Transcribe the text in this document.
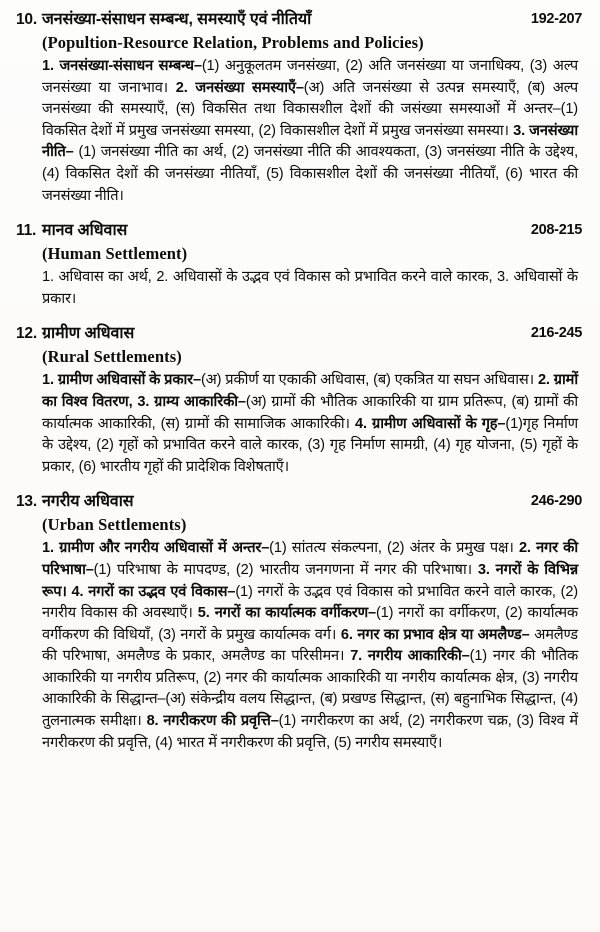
10. जनसंख्या-संसाधन सम्बन्ध, समस्याएँ एवं नीतियाँ	192-207
(Popultion-Resource Relation, Problems and Policies)
1. जनसंख्या-संसाधन सम्बन्ध–(1) अनुकूलतम जनसंख्या, (2) अति जनसंख्या या जनाधिक्य, (3) अल्प जनसंख्या या जनाभाव। 2. जनसंख्या समस्याएँ–(अ) अति जनसंख्या से उत्पन्न समस्याएँ, (ब) अल्प जनसंख्या की समस्याएँ, (स) विकसित तथा विकासशील देशों की जसंख्या समस्याओं में अन्तर–(1) विकसित देशों में प्रमुख जनसंख्या समस्या, (2) विकासशील देशों में प्रमुख जनसंख्या समस्या। 3. जनसंख्या नीति– (1) जनसंख्या नीति का अर्थ, (2) जनसंख्या नीति की आवश्यकता, (3) जनसंख्या नीति के उद्देश्य, (4) विकसित देशों की जनसंख्या नीतियाँ, (5) विकासशील देशों की जनसंख्या नीतियाँ, (6) भारत की जनसंख्या नीति।
11. मानव अधिवास	208-215
(Human Settlement)
1. अधिवास का अर्थ, 2. अधिवासों के उद्भव एवं विकास को प्रभावित करने वाले कारक, 3. अधिवासों के प्रकार।
12. ग्रामीण अधिवास	216-245
(Rural Settlements)
1. ग्रामीण अधिवासों के प्रकार–(अ) प्रकीर्ण या एकाकी अधिवास, (ब) एकत्रित या सघन अधिवास। 2. ग्रामों का विश्व वितरण, 3. ग्राम्य आकारिकी–(अ) ग्रामों की भौतिक आकारिकी या ग्राम प्रतिरूप, (ब) ग्रामों की कार्यात्मक आकारिकी, (स) ग्रामों की सामाजिक आकारिकी। 4. ग्रामीण अधिवासों के गृह–(1)गृह निर्माण के उद्देश्य, (2) गृहों को प्रभावित करने वाले कारक, (3) गृह निर्माण सामग्री, (4) गृह योजना, (5) गृहों के प्रकार, (6) भारतीय गृहों की प्रादेशिक विशेषताएँ।
13. नगरीय अधिवास	246-290
(Urban Settlements)
1. ग्रामीण और नगरीय अधिवासों में अन्तर–(1) सांतत्य संकल्पना, (2) अंतर के प्रमुख पक्ष। 2. नगर की परिभाषा–(1) परिभाषा के मापदण्ड, (2) भारतीय जनगणना में नगर की परिभाषा। 3. नगरों के विभिन्न रूप। 4. नगरों का उद्भव एवं विकास–(1) नगरों के उद्भव एवं विकास को प्रभावित करने वाले कारक, (2) नगरीय विकास की अवस्थाएँ। 5. नगरों का कार्यात्मक वर्गीकरण–(1) नगरों का वर्गीकरण, (2) कार्यात्मक वर्गीकरण की विधियाँ, (3) नगरों के प्रमुख कार्यात्मक वर्ग। 6. नगर का प्रभाव क्षेत्र या अमलैण्ड– अमलैण्ड की परिभाषा, अमलैण्ड के प्रकार, अमलैण्ड का परिसीमन। 7. नगरीय आकारिकी–(1) नगर की भौतिक आकारिकी या नगरीय प्रतिरूप, (2) नगर की कार्यात्मक आकारिकी या नगरीय कार्यात्मक क्षेत्र, (3) नगरीय आकारिकी के सिद्धान्त–(अ) संकेन्द्रीय वलय सिद्धान्त, (ब) प्रखण्ड सिद्धान्त, (स) बहुनाभिक सिद्धान्त, (4) तुलनात्मक समीक्षा। 8. नगरीकरण की प्रवृत्ति–(1) नगरीकरण का अर्थ, (2) नगरीकरण चक्र, (3) विश्व में नगरीकरण की प्रवृत्ति, (4) भारत में नगरीकरण की प्रवृत्ति, (5) नगरीय समस्याएँ।
